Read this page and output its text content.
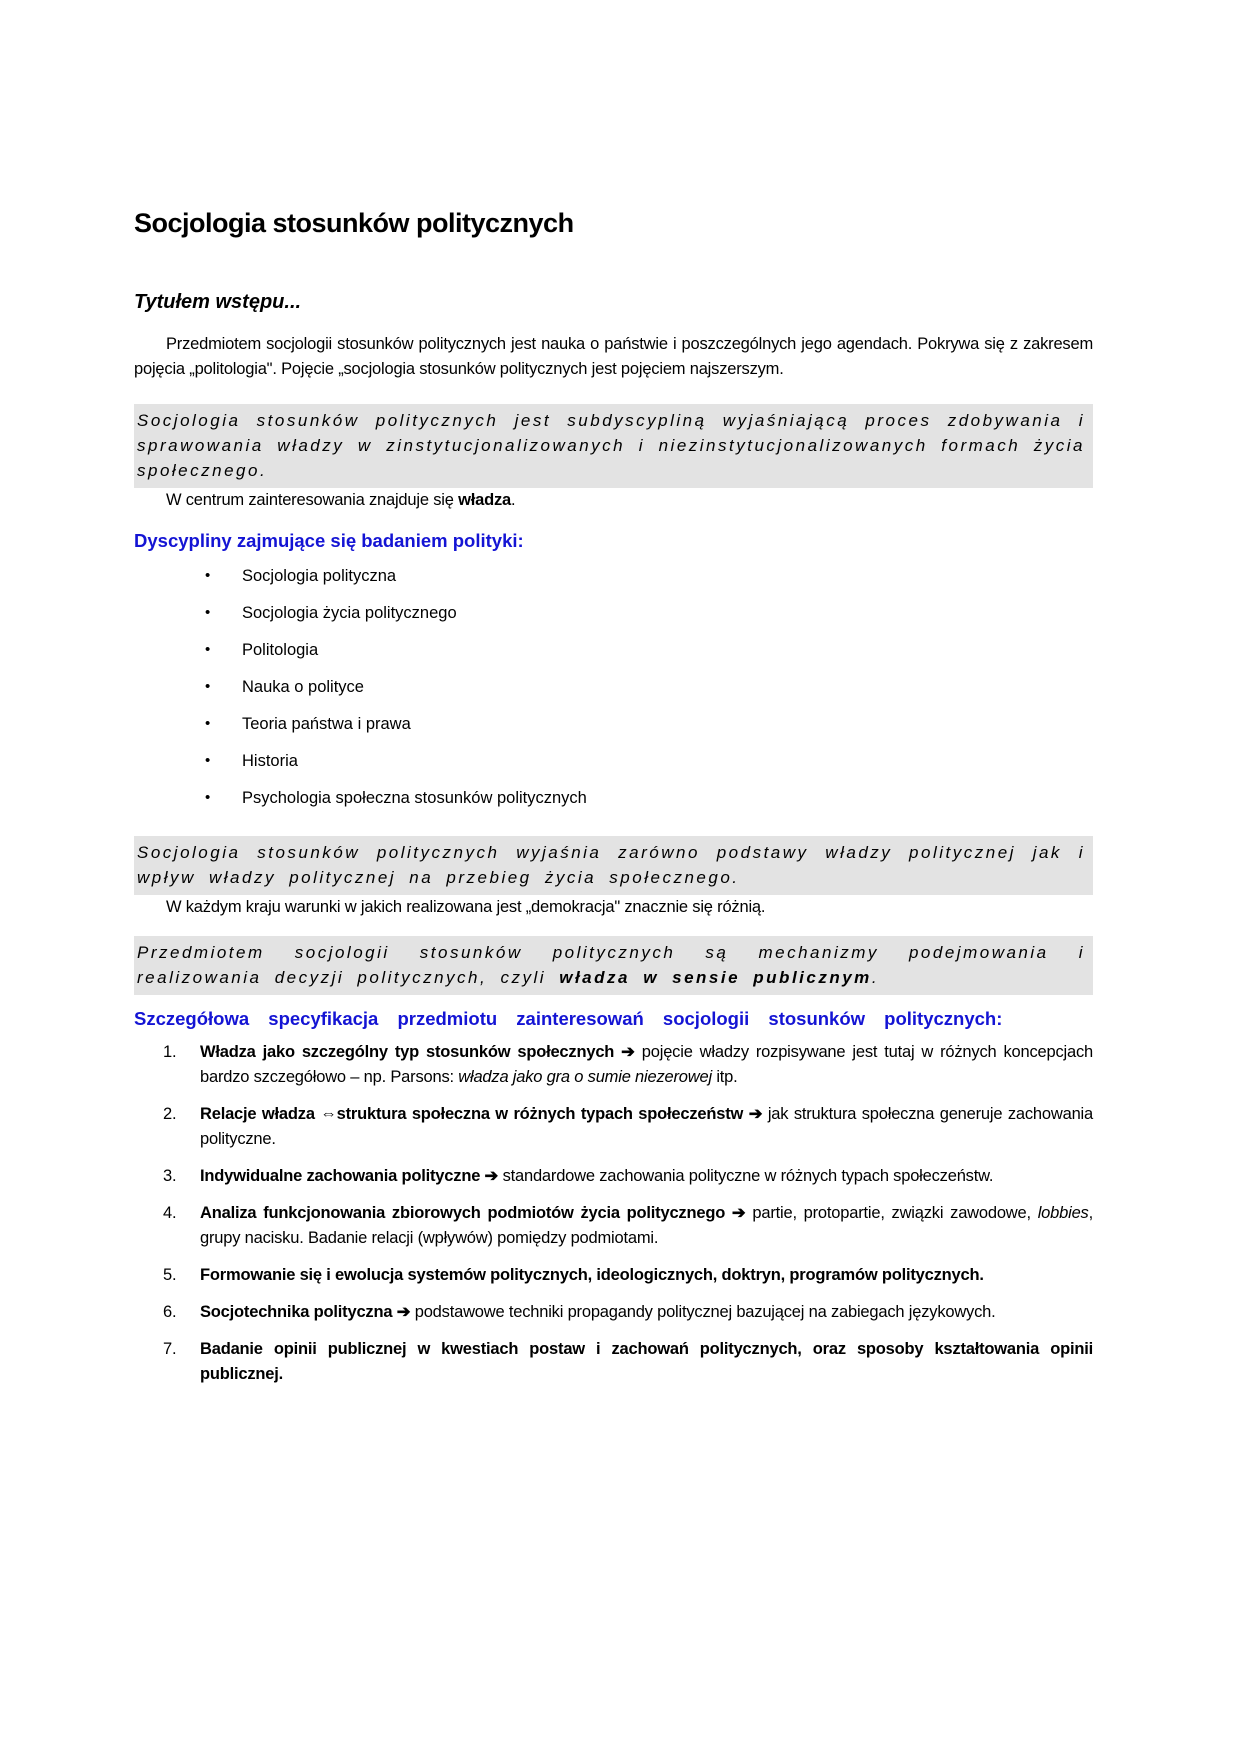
Socjologia stosunków politycznych
Tytułem wstępu...

Przedmiotem socjologii stosunków politycznych jest nauka o państwie i poszczególnych jego agendach. Pokrywa się z zakresem pojęcia „politologia". Pojęcie „socjologia stosunków politycznych jest pojęciem najszerszym.

Socjologia stosunków politycznych jest subdyscypliną wyjaśniającą proces zdobywania i sprawowania władzy w zinstytucjonalizowanych i niezinstytucjonalizowanych formach życia społecznego.

W centrum zainteresowania znajduje się władza.

Dyscypliny zajmujące się badaniem polityki:
• Socjologia polityczna
• Socjologia życia politycznego
• Politologia
• Nauka o polityce
• Teoria państwa i prawa
• Historia
• Psychologia społeczna stosunków politycznych
Socjologia stosunków politycznych wyjaśnia zarówno podstawy władzy politycznej jak i wpływ władzy politycznej na przebieg życia społecznego.

W każdym kraju warunki w jakich realizowana jest „demokracja" znacznie się różnią.

Przedmiotem socjologii stosunków politycznych są mechanizmy podejmowania i realizowania decyzji politycznych, czyli władza w sensie publicznym.
Szczegółowa specyfikacja przedmiotu zainteresowań socjologii stosunków politycznych:
1. Władza jako szczególny typ stosunków społecznych ➔ pojęcie władzy rozpisywane jest tutaj w różnych koncepcjach bardzo szczegółowo – np. Parsons: władza jako gra o sumie niezerowej itp.
2. Relacje władza ⇔struktura społeczna w różnych typach społeczeństw ➔ jak struktura społeczna generuje zachowania polityczne.
3. Indywidualne zachowania polityczne ➔ standardowe zachowania polityczne w różnych typach społeczeństw.
4. Analiza funkcjonowania zbiorowych podmiotów życia politycznego ➔ partie, protopartie, związki zawodowe, lobbies, grupy nacisku. Badanie relacji (wpływów) pomiędzy podmiotami.
5. Formowanie się i ewolucja systemów politycznych, ideologicznych, doktryn, programów politycznych.
6. Socjotechnika polityczna ➔ podstawowe techniki propagandy politycznej bazującej na zabiegach językowych.
7. Badanie opinii publicznej w kwestiach postaw i zachowań politycznych, oraz sposoby kształtowania opinii publicznej.
